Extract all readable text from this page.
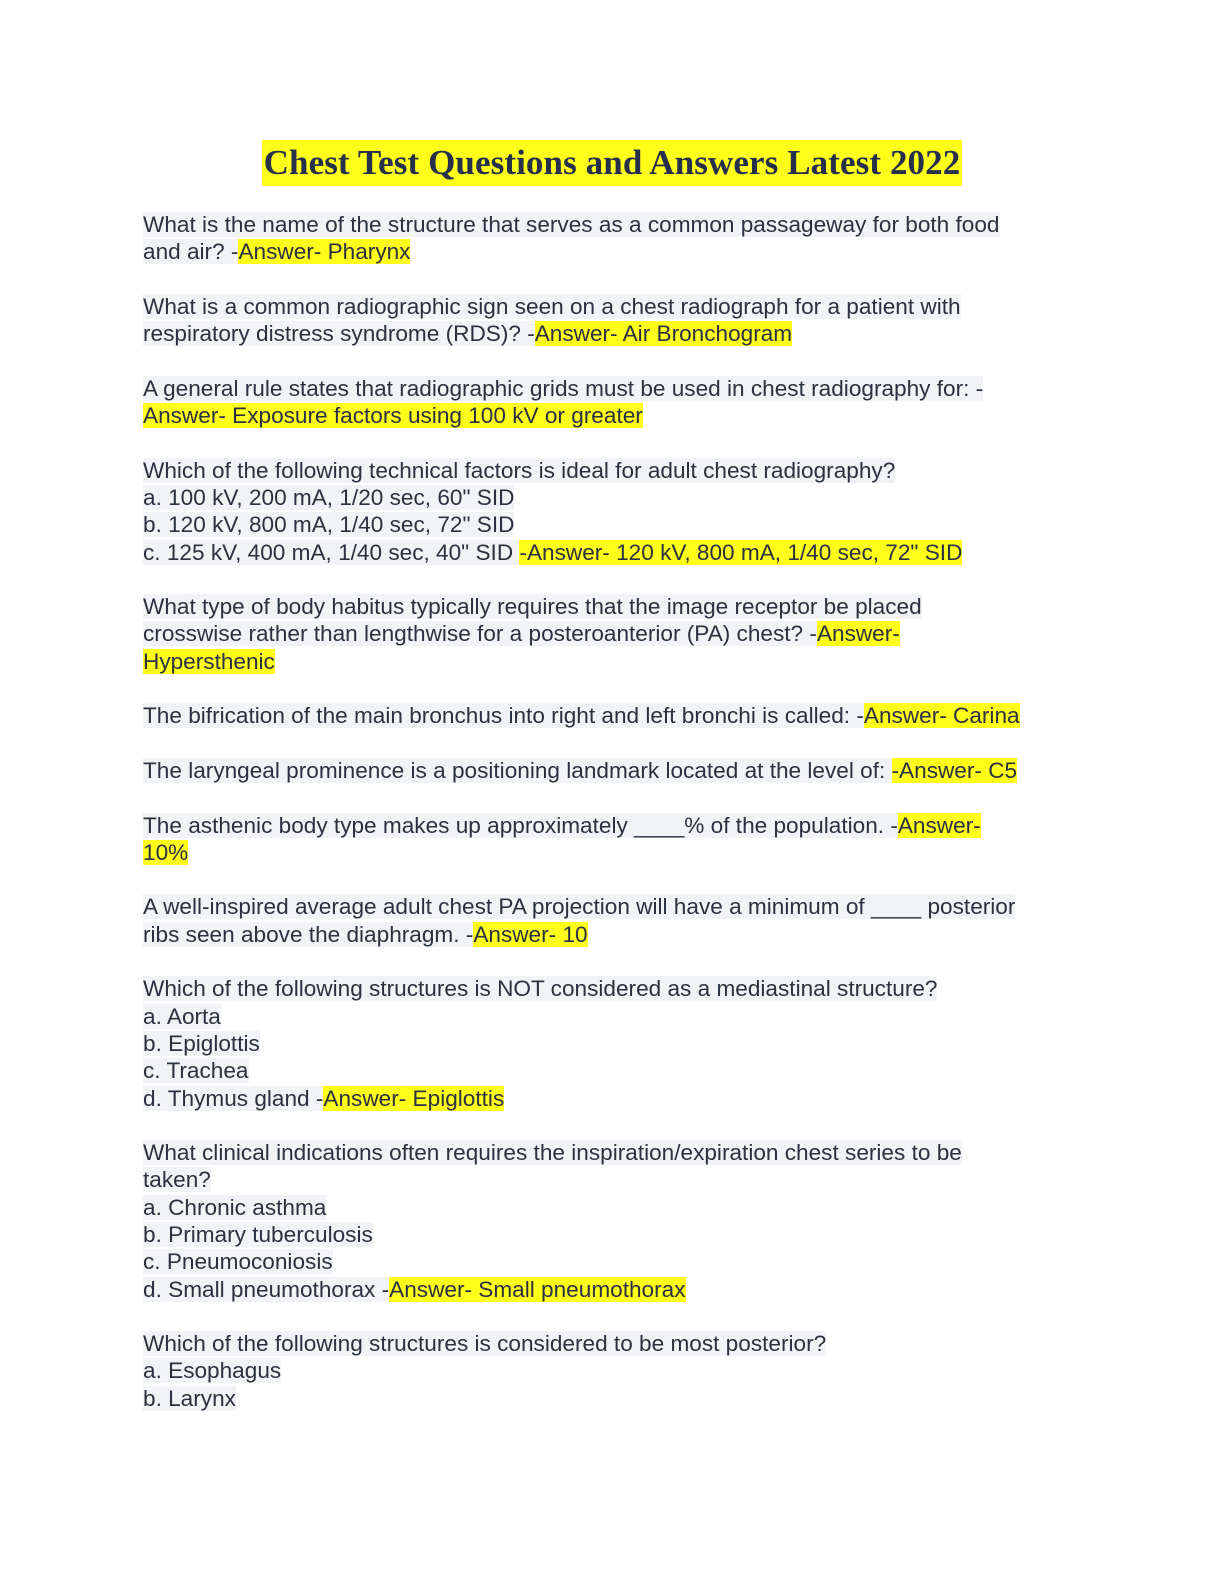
Chest Test Questions and Answers Latest 2022
What is the name of the structure that serves as a common passageway for both food
and air? -Answer- Pharynx
What is a common radiographic sign seen on a chest radiograph for a patient with
respiratory distress syndrome (RDS)? -Answer- Air Bronchogram
A general rule states that radiographic grids must be used in chest radiography for: -
Answer- Exposure factors using 100 kV or greater
Which of the following technical factors is ideal for adult chest radiography?
a. 100 kV, 200 mA, 1/20 sec, 60" SID
b. 120 kV, 800 mA, 1/40 sec, 72" SID
c. 125 kV, 400 mA, 1/40 sec, 40" SID -Answer- 120 kV, 800 mA, 1/40 sec, 72" SID
What type of body habitus typically requires that the image receptor be placed
crosswise rather than lengthwise for a posteroanterior (PA) chest? -Answer-
Hypersthenic
The bifrication of the main bronchus into right and left bronchi is called: -Answer- Carina
The laryngeal prominence is a positioning landmark located at the level of: -Answer- C5
The asthenic body type makes up approximately ____% of the population. -Answer-
10%
A well-inspired average adult chest PA projection will have a minimum of ____ posterior
ribs seen above the diaphragm. -Answer- 10
Which of the following structures is NOT considered as a mediastinal structure?
a. Aorta
b. Epiglottis
c. Trachea
d. Thymus gland -Answer- Epiglottis
What clinical indications often requires the inspiration/expiration chest series to be
taken?
a. Chronic asthma
b. Primary tuberculosis
c. Pneumoconiosis
d. Small pneumothorax -Answer- Small pneumothorax
Which of the following structures is considered to be most posterior?
a. Esophagus
b. Larynx
